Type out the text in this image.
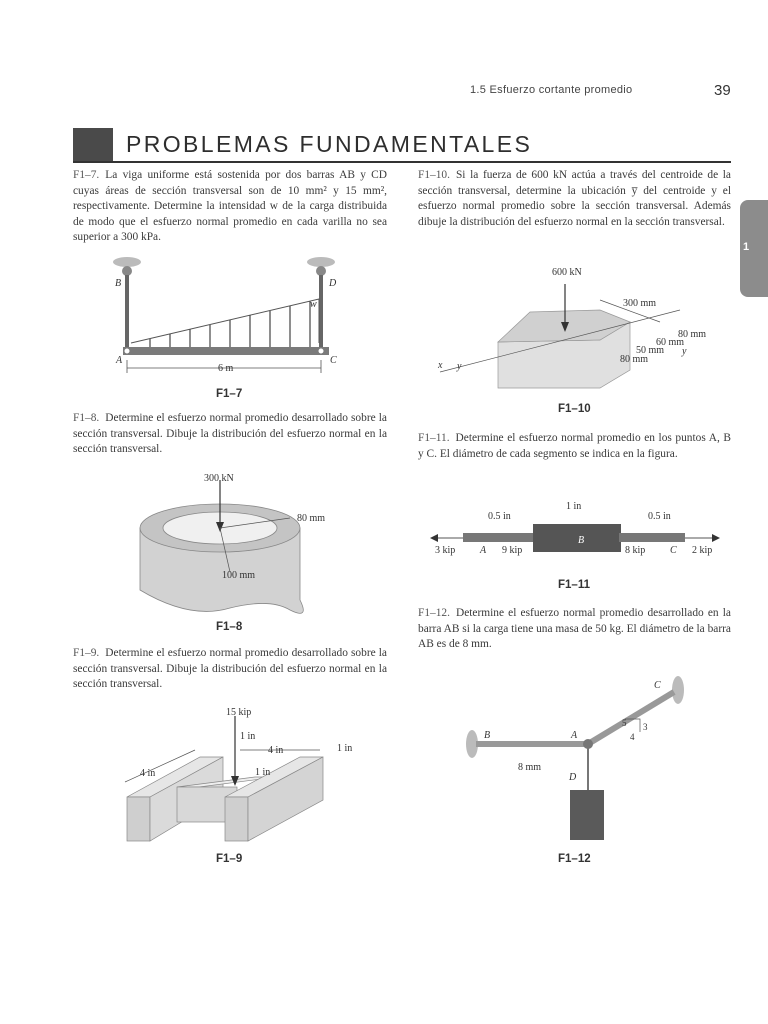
1.5 Esfuerzo cortante promedio	39
PROBLEMAS FUNDAMENTALES
1
F1–7. La viga uniforme está sostenida por dos barras AB y CD cuyas áreas de sección transversal son de 10 mm² y 15 mm², respectivamente. Determine la intensidad w de la carga distribuida de modo que el esfuerzo normal promedio en cada varilla no sea superior a 300 kPa.
B	D
w
A	C
6 m
F1–7
F1–8. Determine el esfuerzo normal promedio desarrollado sobre la sección transversal. Dibuje la distribución del esfuerzo normal en la sección transversal.
300 kN
80 mm
100 mm
F1–8
F1–9. Determine el esfuerzo normal promedio desarrollado sobre la sección transversal. Dibuje la distribución del esfuerzo normal en la sección transversal.
15 kip
1 in
4 in	1 in
4 in	1 in
F1–9
F1–10. Si la fuerza de 600 kN actúa a través del centroide de la sección transversal, determine la ubicación y̅ del centroide y el esfuerzo normal promedio sobre la sección transversal. Además dibuje la distribución del esfuerzo normal en la sección transversal.
600 kN
300 mm
80 mm
60 mm
50 mm
80 mm
y
x y
F1–10
F1–11. Determine el esfuerzo normal promedio en los puntos A, B y C. El diámetro de cada segmento se indica en la figura.
0.5 in
1 in
0.5 in
3 kip A 9 kip
B
8 kip C 2 kip
F1–11
F1–12. Determine el esfuerzo normal promedio desarrollado en la barra AB si la carga tiene una masa de 50 kg. El diámetro de la barra AB es de 8 mm.
B	A
C
D
8 mm
5 3
4
F1–12
